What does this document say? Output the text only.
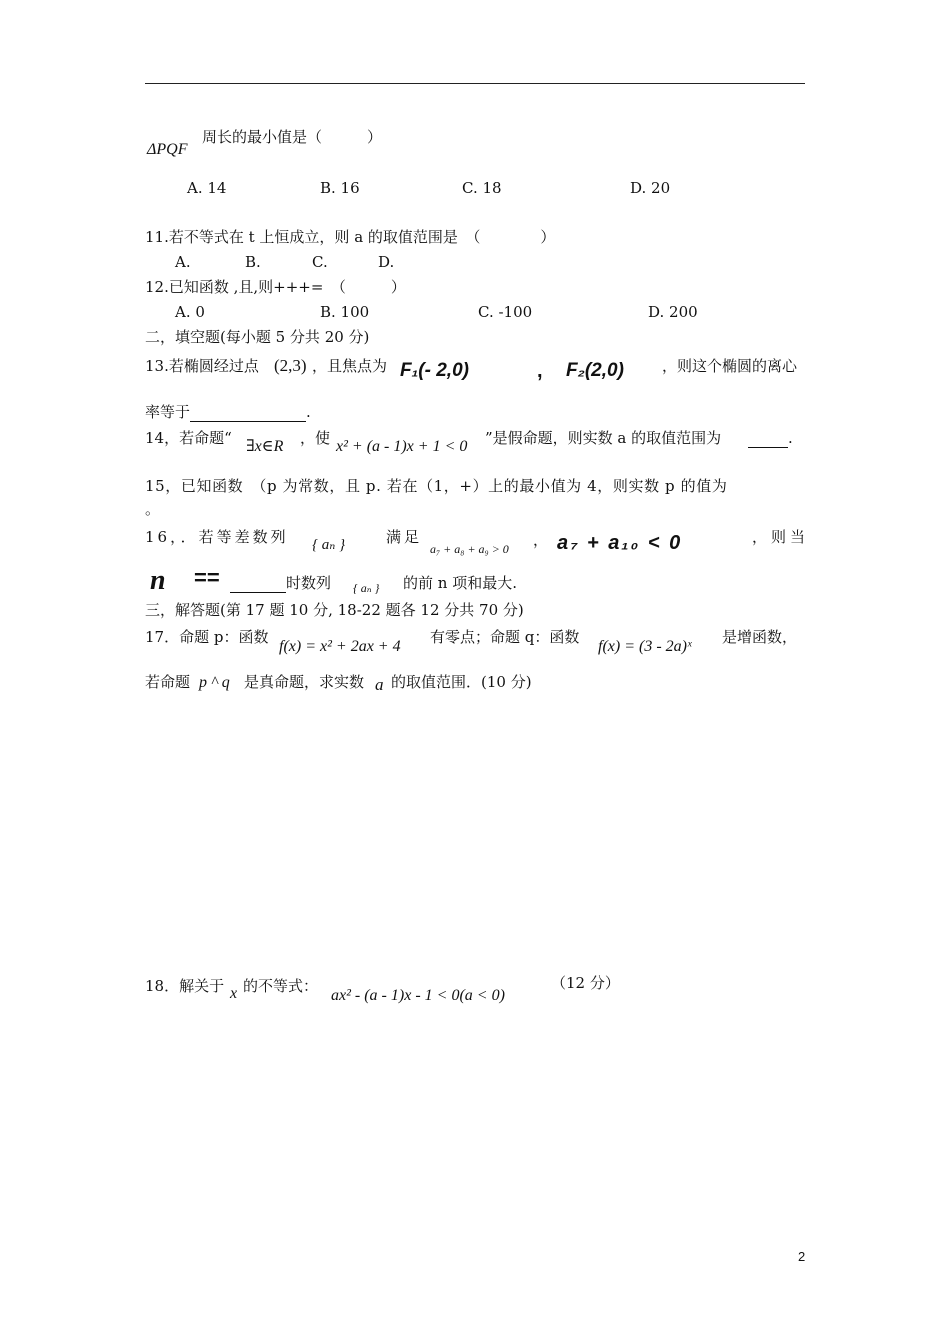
ΔPQF
周长的最小值是（　　　）
A. 14	B. 16	C. 18	D. 20
11.若不等式在 t 上恒成立，则 a 的取值范围是　（　　　　）
A.	B.	C.	D.
12.已知函数 ,且,则+++=　（　　　）
A. 0	B. 100	C. -100	D. 200
二，填空题(每小题 5 分共 20 分)
13.若椭圆经过点 (2,3) ，且焦点为 F₁(- 2,0)	, F₂(2,0)	，则这个椭圆的离心
率等于	.
14，若命题“ ∃x∈R ，使 x² + (a - 1)x + 1 < 0 ”是假命题，则实数 a 的取值范围为	.
15，已知函数　（p 为常数，且 p. 若在（1，+）上的最小值为 4，则实数 p 的值为
。
16，．若等差数列 { aₙ }	满足
a₇ + a₈ + a₉ > 0 ， a₇ + a₁₀ < 0	，则当
n ==	时数列 { aₙ } 的前 n 项和最大.
三，解答题(第 17 题 10 分, 18-22 题各 12 分共 70 分)
17．命题 p：函数
f(x) = x² + 2ax + 4
有零点；命题 q：函数
f(x) = (3 - 2a)ˣ
是增函数，
若命题 p ^ q 是真命题，求实数 a 的取值范围．(10 分)
18．解关于 x 的不等式：
ax² - (a - 1)x - 1 < 0(a < 0)
（12 分）
2
